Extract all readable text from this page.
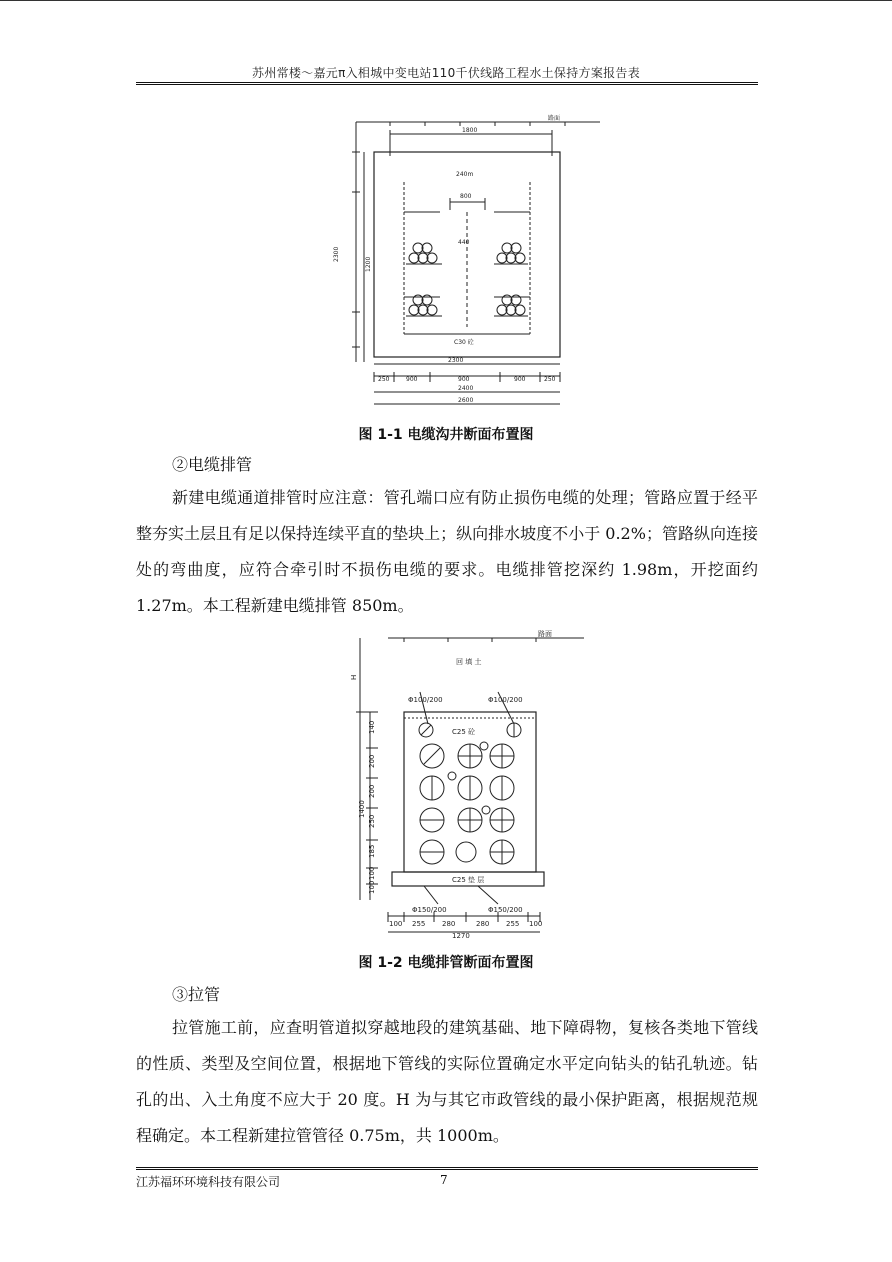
苏州常楼～嘉元π入相城中变电站110千伏线路工程水土保持方案报告表
路面
1800
240m
800
440
C30 砼
2300
1200
2300
250	900	900	900	250
2400
2600
图 1-1 电缆沟井断面布置图
②电缆排管

新建电缆通道排管时应注意：管孔端口应有防止损伤电缆的处理；管路应置于经平整夯实土层且有足以保持连续平直的垫块上；纵向排水坡度不小于 0.2%；管路纵向连接处的弯曲度，应符合牵引时不损伤电缆的要求。电缆排管挖深约 1.98m，开挖面约 1.27m。本工程新建电缆排管 850m。

路面
回 填 土
H
Φ100/200	Φ100/200
C25 砼
140
200
200
250
185
100
100
1400
C25 垫 层
Φ150/200	Φ150/200
100 255 280	280 255 100
1270
图 1-2 电缆排管断面布置图
③拉管

拉管施工前，应查明管道拟穿越地段的建筑基础、地下障碍物，复核各类地下管线的性质、类型及空间位置，根据地下管线的实际位置确定水平定向钻头的钻孔轨迹。钻孔的出、入土角度不应大于 20 度。H 为与其它市政管线的最小保护距离，根据规范规程确定。本工程新建拉管管径 0.75m，共 1000m。

江苏福环环境科技有限公司	7
